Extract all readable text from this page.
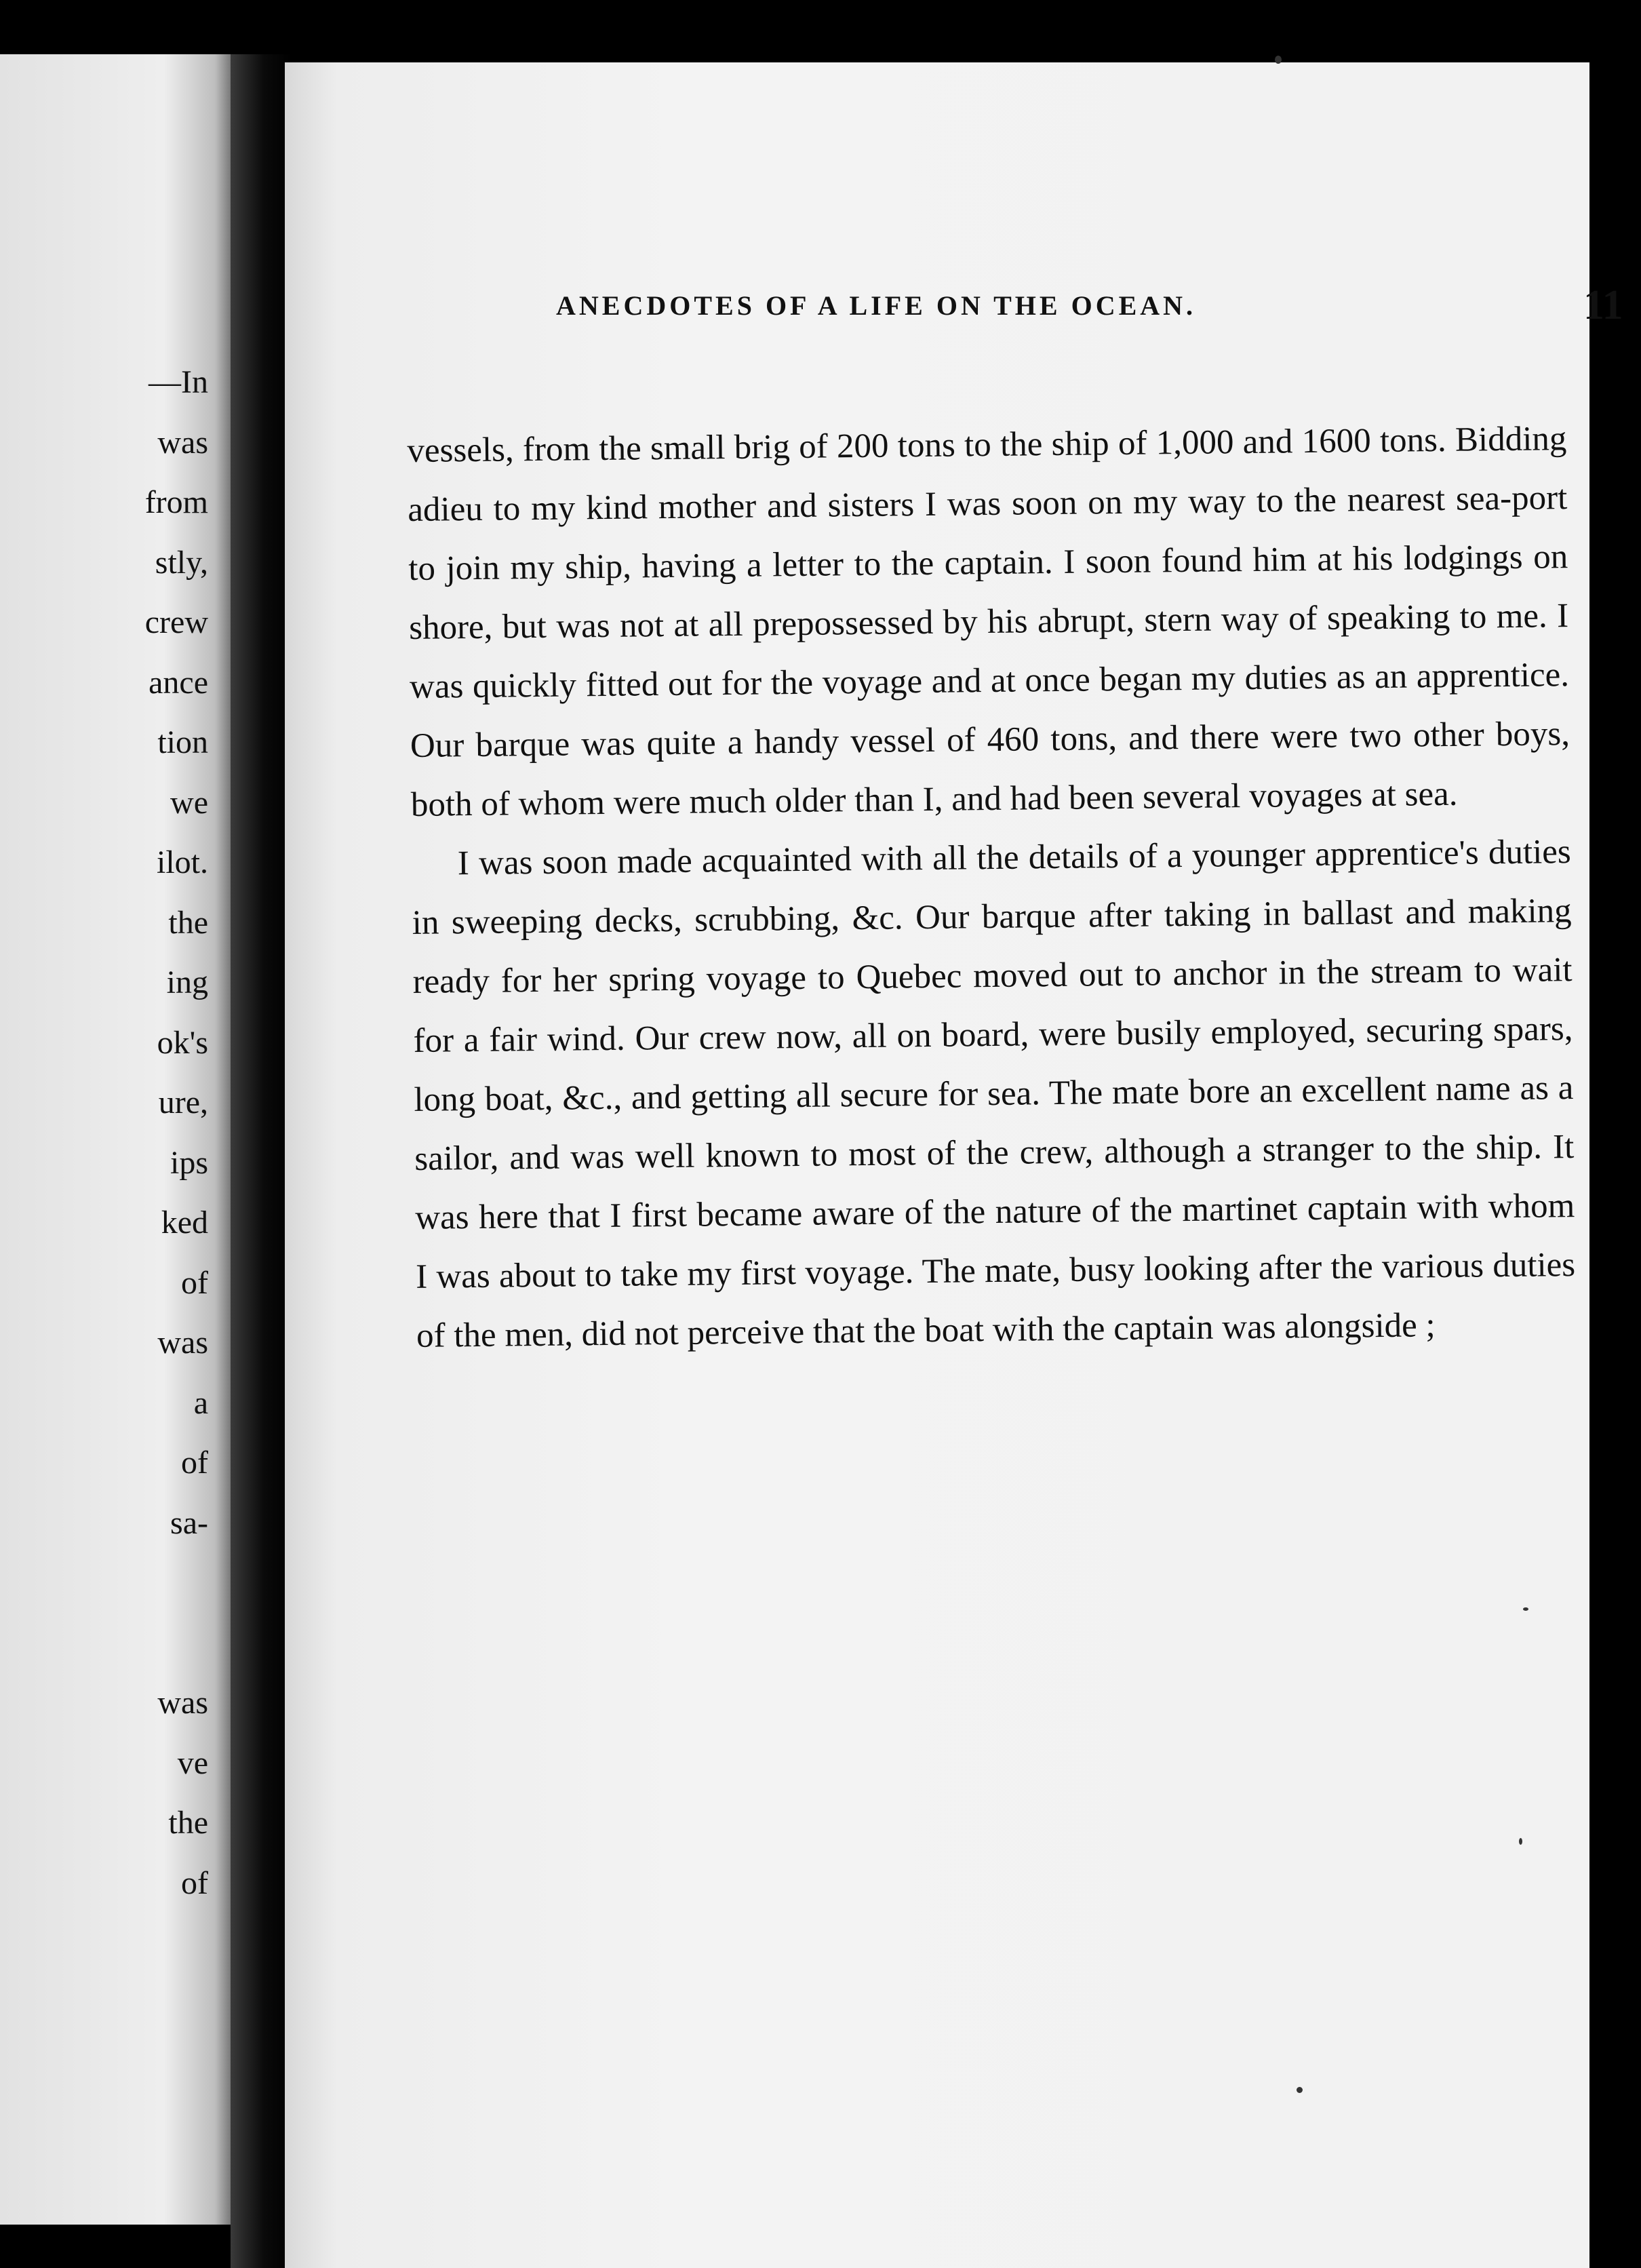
—In
was
from
stly,
crew
ance
tion
we
ilot.
the
ing
ok's
ure,
ips
ked
of
was
a
of
sa-
was
ve
the
of
ANECDOTES OF A LIFE ON THE OCEAN.	11

vessels, from the small brig of 200 tons to the ship of 1,000 and 1600 tons. Bidding adieu to my kind mother and sisters I was soon on my way to the nearest sea-port to join my ship, having a letter to the captain. I soon found him at his lodgings on shore, but was not at all prepossessed by his abrupt, stern way of speaking to me. I was quickly fitted out for the voyage and at once began my duties as an apprentice. Our barque was quite a handy vessel of 460 tons, and there were two other boys, both of whom were much older than I, and had been several voyages at sea.

I was soon made acquainted with all the details of a younger apprentice's duties in sweeping decks, scrubbing, &c. Our barque after taking in ballast and making ready for her spring voyage to Quebec moved out to anchor in the stream to wait for a fair wind. Our crew now, all on board, were busily employed, securing spars, long boat, &c., and getting all secure for sea. The mate bore an excellent name as a sailor, and was well known to most of the crew, although a stranger to the ship. It was here that I first became aware of the nature of the martinet captain with whom I was about to take my first voyage. The mate, busy looking after the various duties of the men, did not perceive that the boat with the captain was alongside ;
